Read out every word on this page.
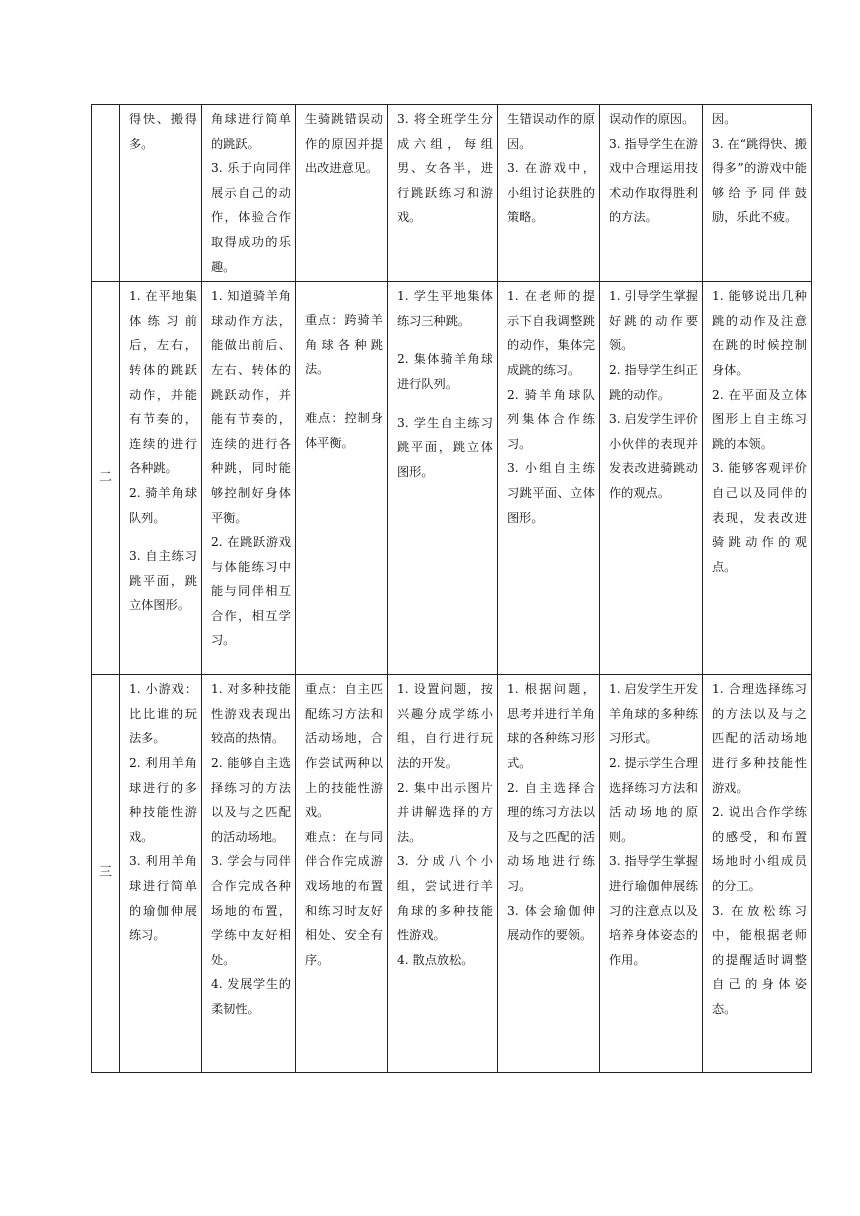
	得快、搬得多。	角球进行简单的跳跃。
3. 乐于向同伴展示自己的动作，体验合作取得成功的乐趣。	生骑跳错误动作的原因并提出改进意见。	3. 将全班学生分成六组，每组男、女各半，进行跳跃练习和游戏。	生错误动作的原因。
3. 在游戏中，小组讨论获胜的策略。	误动作的原因。
3. 指导学生在游戏中合理运用技术动作取得胜利的方法。	因。
3. 在“跳得快、搬得多”的游戏中能够给予同伴鼓励，乐此不疲。

二	1. 在平地集体练习前后，左右，转体的跳跃动作，并能有节奏的，连续的进行各种跳。
2. 骑羊角球队列。
3. 自主练习跳平面，跳立体图形。	1. 知道骑羊角球动作方法，能做出前后、左右、转体的跳跃动作，并能有节奏的，连续的进行各种跳，同时能够控制好身体平衡。
2. 在跳跃游戏与体能练习中能与同伴相互合作，相互学习。	重点：跨骑羊角球各种跳法。
难点：控制身体平衡。	1. 学生平地集体练习三种跳。
2. 集体骑羊角球进行队列。
3. 学生自主练习跳平面，跳立体图形。	1. 在老师的提示下自我调整跳的动作，集体完成跳的练习。
2. 骑羊角球队列集体合作练习。
3. 小组自主练习跳平面、立体图形。	1. 引导学生掌握好跳的动作要领。
2. 指导学生纠正跳的动作。
3. 启发学生评价小伙伴的表现并发表改进骑跳动作的观点。	1. 能够说出几种跳的动作及注意在跳的时候控制身体。
2. 在平面及立体图形上自主练习跳的本领。
3. 能够客观评价自己以及同伴的表现，发表改进骑跳动作的观点。

三	1. 小游戏：比比谁的玩法多。
2. 利用羊角球进行的多种技能性游戏。
3. 利用羊角球进行简单的瑜伽伸展练习。	1. 对多种技能性游戏表现出较高的热情。
2. 能够自主选择练习的方法以及与之匹配的活动场地。
3. 学会与同伴合作完成各种场地的布置，学练中友好相处。
4. 发展学生的柔韧性。	重点：自主匹配练习方法和活动场地，合作尝试两种以上的技能性游戏。
难点：在与同伴合作完成游戏场地的布置和练习时友好相处、安全有序。	1. 设置问题，按兴趣分成学练小组，自行进行玩法的开发。
2. 集中出示图片并讲解选择的方法。
3. 分成八个小组，尝试进行羊角球的多种技能性游戏。
4. 散点放松。	1. 根据问题，思考并进行羊角球的各种练习形式。
2. 自主选择合理的练习方法以及与之匹配的活动场地进行练习。
3. 体会瑜伽伸展动作的要领。	1. 启发学生开发羊角球的多种练习形式。
2. 提示学生合理选择练习方法和活动场地的原则。
3. 指导学生掌握进行瑜伽伸展练习的注意点以及培养身体姿态的作用。	1. 合理选择练习的方法以及与之匹配的活动场地进行多种技能性游戏。
2. 说出合作学练的感受，和布置场地时小组成员的分工。
3. 在放松练习中，能根据老师的提醒适时调整自己的身体姿态。
